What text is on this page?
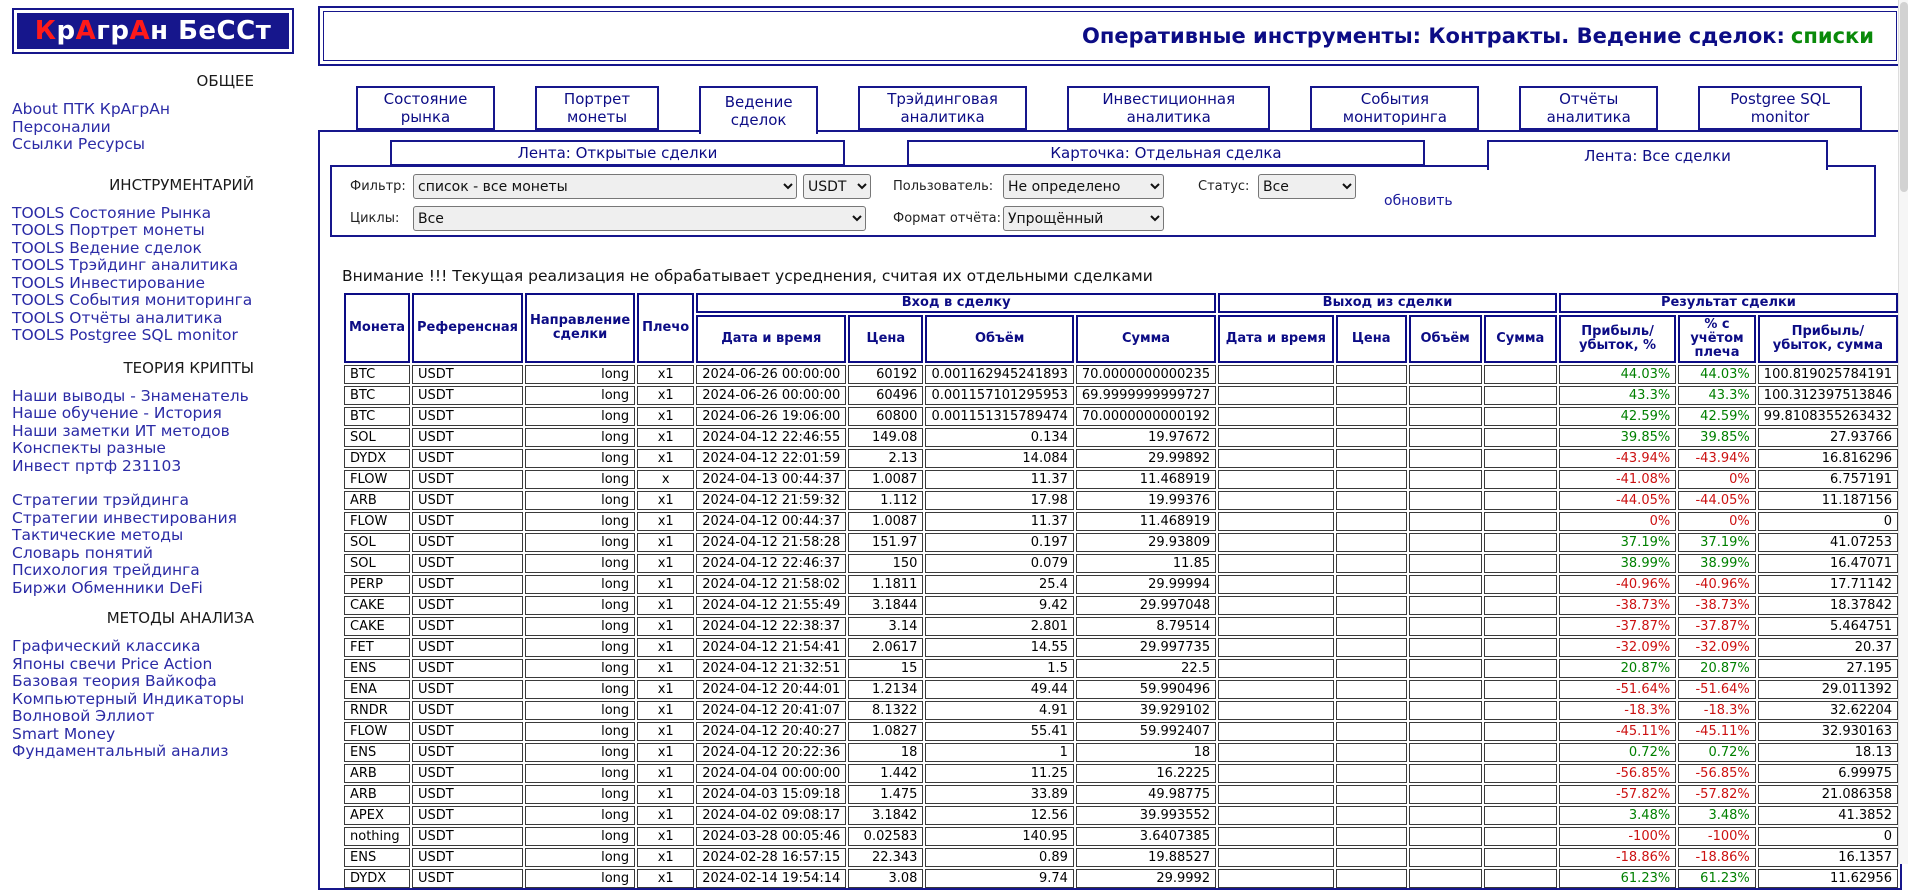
КрАгрАн БеССт
ОБЩЕЕ
About ПТК КрАгрАн
Персоналии
Ссылки Ресурсы
ИНСТРУМЕНТАРИЙ
TOOLS Состояние Рынка
TOOLS Портрет монеты
TOOLS Ведение сделок
TOOLS Трэйдинг аналитика
TOOLS Инвестирование
TOOLS События мониторинга
TOOLS Отчёты аналитика
TOOLS Postgree SQL monitor
ТЕОРИЯ КРИПТЫ
Наши выводы - Знаменатель
Наше обучение - История
Наши заметки ИТ методов
Конспекты разные
Инвест пртф 231103
Стратегии трэйдинга
Стратегии инвестирования
Тактические методы
Словарь понятий
Психология трейдинга
Биржи Обменники DeFi
МЕТОДЫ АНАЛИЗА
Графический классика
Японы свечи Price Action
Базовая теория Вайкофа
Компьютерный Индикаторы
Волновой Эллиот
Smart Money
Фундаментальный анализ
Оперативные инструменты: Контракты. Ведение сделок: списки
Состояние рынка
Портрет монеты
Ведение сделок
Трэйдинговая аналитика
Инвестиционная аналитика
События мониторинга
Отчёты аналитика
Postgree SQL monitor
Лента: Открытые сделки	Карточка: Отдельная сделка	Лента: Все сделки
Фильтр:
список - все монеты
USDT	Пользователь:
Не определено	Статус:
Все
обновить
Циклы:
Все	Формат отчёта:
Упрощённый
Внимание !!! Текущая реализация не обрабатывает усреднения, считая их отдельными сделками
Монета	Референсная	Направление сделки	Плечо	Вход в сделку				Выход из сделки				Результат сделки		
				Дата и время	Цена	Объём	Сумма	Дата и время	Цена	Объём	Сумма	Прибыль/убыток, %	% с учётом плеча	Прибыль/убыток, сумма
BTC	USDT	long	x1	2024-06-26 00:00:00	60192	0.001162945241893	70.0000000000235					44.03%	44.03%	100.819025784191
BTC	USDT	long	x1	2024-06-26 00:00:00	60496	0.001157101295953	69.9999999999727					43.3%	43.3%	100.312397513846
BTC	USDT	long	x1	2024-06-26 19:06:00	60800	0.001151315789474	70.0000000000192					42.59%	42.59%	99.8108355263432
SOL	USDT	long	x1	2024-04-12 22:46:55	149.08	0.134	19.97672					39.85%	39.85%	27.93766
DYDX	USDT	long	x1	2024-04-12 22:01:59	2.13	14.084	29.99892					-43.94%	-43.94%	16.816296
FLOW	USDT	long	x	2024-04-13 00:44:37	1.0087	11.37	11.468919					-41.08%	0%	6.757191
ARB	USDT	long	x1	2024-04-12 21:59:32	1.112	17.98	19.99376					-44.05%	-44.05%	11.187156
FLOW	USDT	long	x1	2024-04-12 00:44:37	1.0087	11.37	11.468919					0%	0%	0
SOL	USDT	long	x1	2024-04-12 21:58:28	151.97	0.197	29.93809					37.19%	37.19%	41.07253
SOL	USDT	long	x1	2024-04-12 22:46:37	150	0.079	11.85					38.99%	38.99%	16.47071
PERP	USDT	long	x1	2024-04-12 21:58:02	1.1811	25.4	29.99994					-40.96%	-40.96%	17.71142
CAKE	USDT	long	x1	2024-04-12 21:55:49	3.1844	9.42	29.997048					-38.73%	-38.73%	18.37842
CAKE	USDT	long	x1	2024-04-12 22:38:37	3.14	2.801	8.79514					-37.87%	-37.87%	5.464751
FET	USDT	long	x1	2024-04-12 21:54:41	2.0617	14.55	29.997735					-32.09%	-32.09%	20.37
ENS	USDT	long	x1	2024-04-12 21:32:51	15	1.5	22.5					20.87%	20.87%	27.195
ENA	USDT	long	x1	2024-04-12 20:44:01	1.2134	49.44	59.990496					-51.64%	-51.64%	29.011392
RNDR	USDT	long	x1	2024-04-12 20:41:07	8.1322	4.91	39.929102					-18.3%	-18.3%	32.62204
FLOW	USDT	long	x1	2024-04-12 20:40:27	1.0827	55.41	59.992407					-45.11%	-45.11%	32.930163
ENS	USDT	long	x1	2024-04-12 20:22:36	18	1	18					0.72%	0.72%	18.13
ARB	USDT	long	x1	2024-04-04 00:00:00	1.442	11.25	16.2225					-56.85%	-56.85%	6.99975
ARB	USDT	long	x1	2024-04-03 15:09:18	1.475	33.89	49.98775					-57.82%	-57.82%	21.086358
APEX	USDT	long	x1	2024-04-02 09:08:17	3.1842	12.56	39.993552					3.48%	3.48%	41.3852
nothing	USDT	long	x1	2024-03-28 00:05:46	0.02583	140.95	3.6407385					-100%	-100%	0
ENS	USDT	long	x1	2024-02-28 16:57:15	22.343	0.89	19.88527					-18.86%	-18.86%	16.1357
DYDX	USDT	long	x1	2024-02-14 19:54:14	3.08	9.74	29.9992					61.23%	61.23%	11.62956
